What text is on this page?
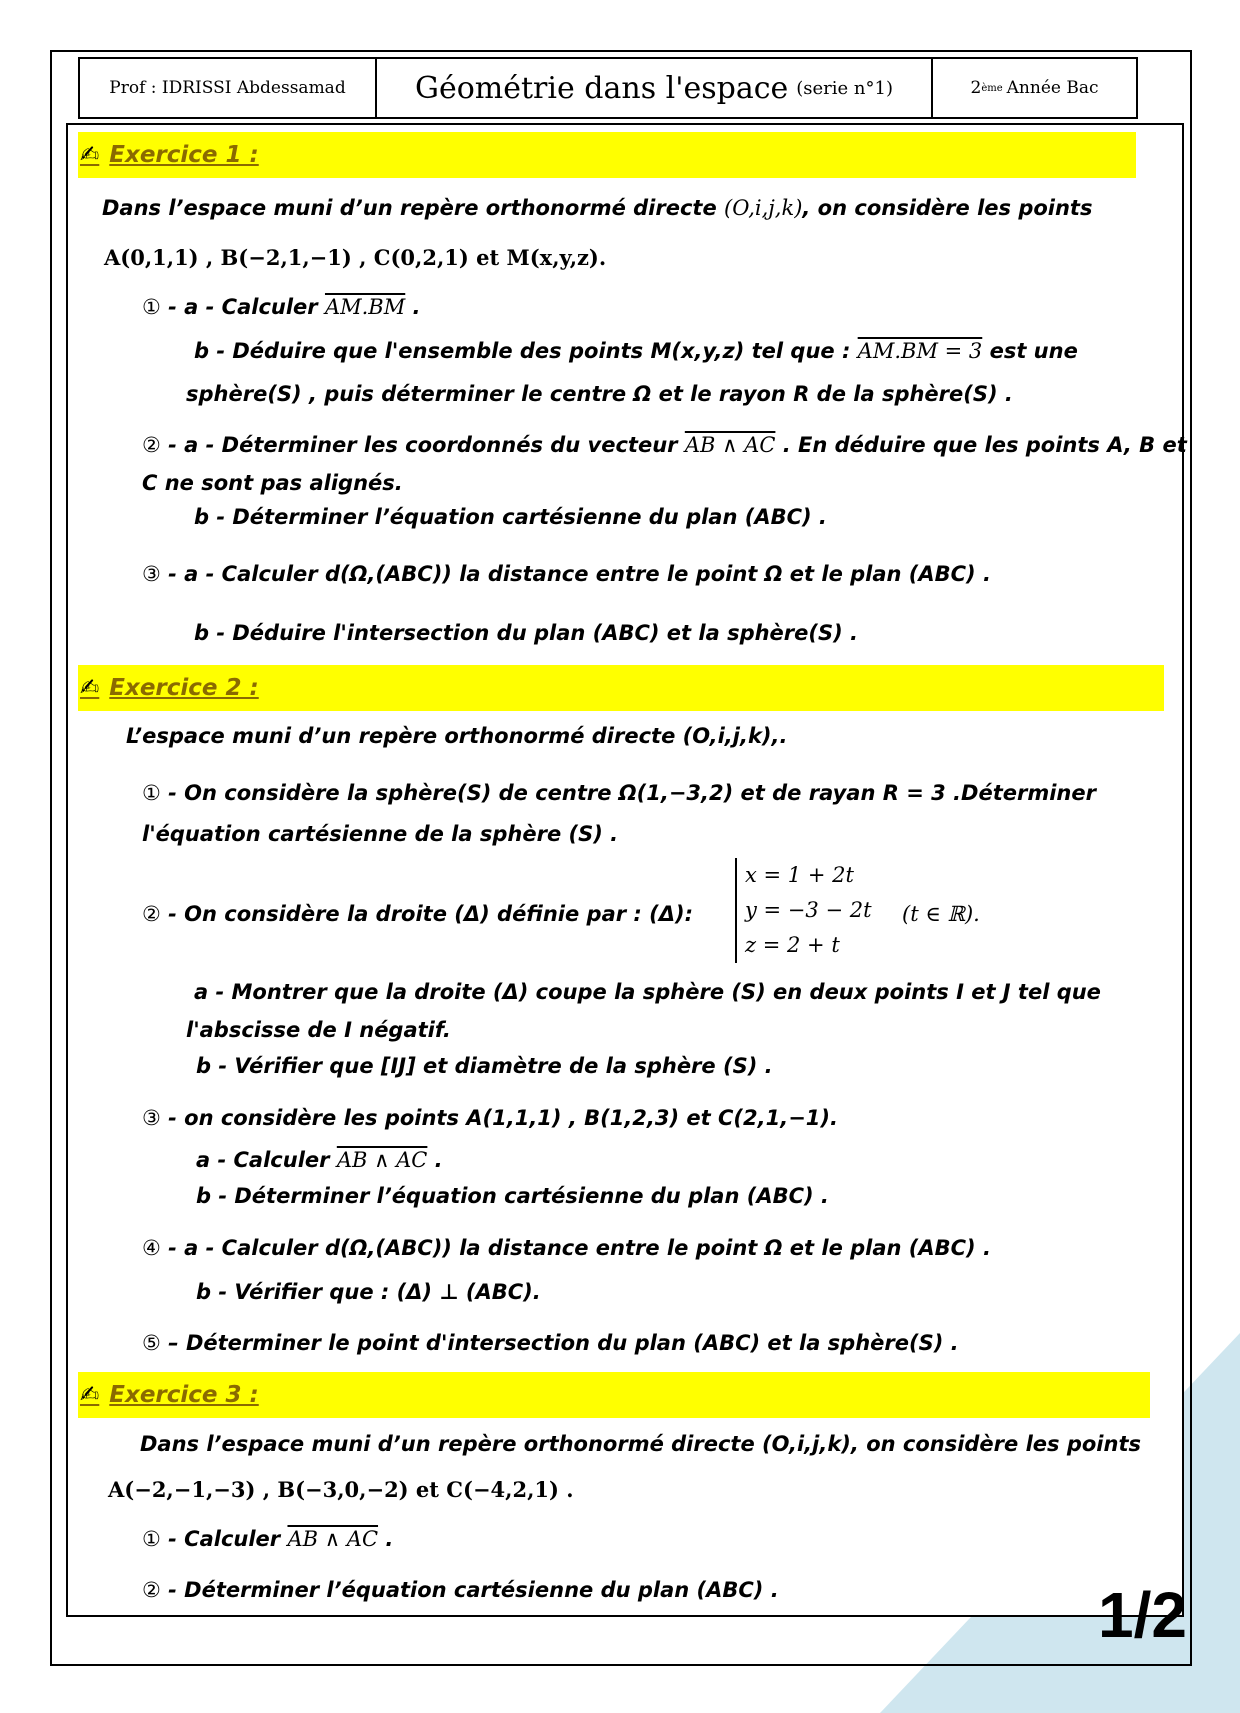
Prof : IDRISSI Abdessamad Géométrie dans l'espace (serie n°1)	2 ème Année Bac
✍ Exercice 1 :
Dans l’espace muni d’un repère orthonormé directe (O,i,j,k), on considère les points
A(0,1,1) , B(−2,1,−1) , C(0,2,1) et M(x,y,z).
① - a - Calculer AM.BM .
b - Déduire que l'ensemble des points M(x,y,z) tel que : AM.BM = 3 est une
sphère(S) , puis déterminer le centre Ω et le rayon R de la sphère(S) .
② - a - Déterminer les coordonnés du vecteur AB ∧ AC . En déduire que les points A, B et
C ne sont pas alignés.
b - Déterminer l’équation cartésienne du plan (ABC) .
③ - a - Calculer d(Ω,(ABC)) la distance entre le point Ω et le plan (ABC) .
b - Déduire l'intersection du plan (ABC) et la sphère(S) .
✍ Exercice 2 :
L’espace muni d’un repère orthonormé directe (O,i,j,k),.
① - On considère la sphère(S) de centre Ω(1,−3,2) et de rayan R = 3 .Déterminer
l'équation cartésienne de la sphère (S) .
② - On considère la droite (Δ) définie par : (Δ):
x = 1 + 2t
y = −3 − 2t
z = 2 + t
(t ∈ ℝ).
a - Montrer que la droite (Δ) coupe la sphère (S) en deux points I et J tel que
l'abscisse de I négatif.
b - Vérifier que [IJ] et diamètre de la sphère (S) .
③ - on considère les points A(1,1,1) , B(1,2,3) et C(2,1,−1).
a - Calculer AB ∧ AC .
b - Déterminer l’équation cartésienne du plan (ABC) .
④ - a - Calculer d(Ω,(ABC)) la distance entre le point Ω et le plan (ABC) .
b - Vérifier que : (Δ) ⊥ (ABC).
⑤ – Déterminer le point d'intersection du plan (ABC) et la sphère(S) .
✍ Exercice 3 :
Dans l’espace muni d’un repère orthonormé directe (O,i,j,k), on considère les points
A(−2,−1,−3) , B(−3,0,−2) et C(−4,2,1) .
① - Calculer AB ∧ AC .
② - Déterminer l’équation cartésienne du plan (ABC) .	1/2
